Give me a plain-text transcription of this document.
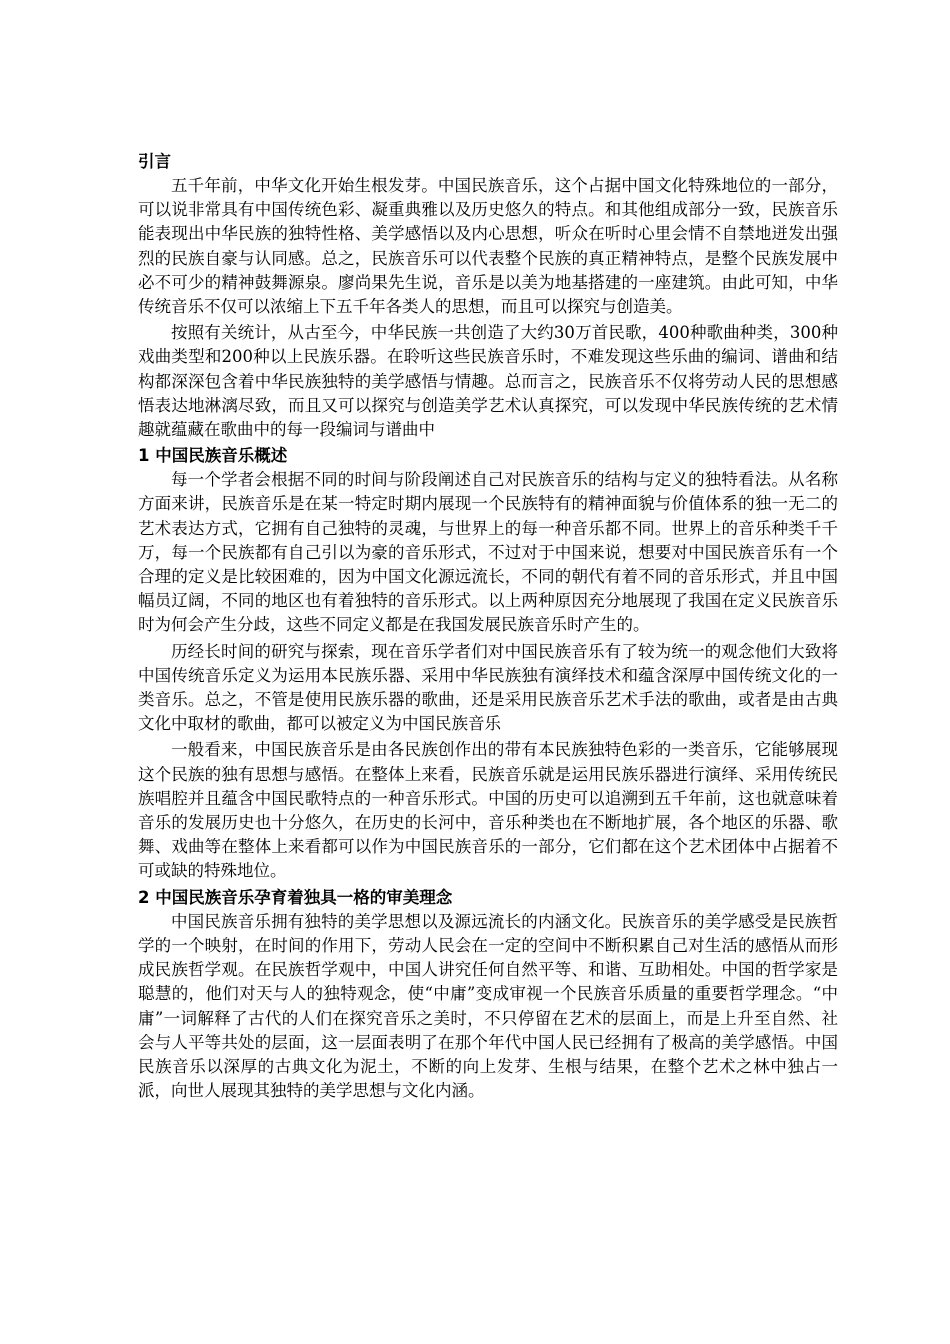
引言

五千年前，中华文化开始生根发芽。中国民族音乐，这个占据中国文化特殊地位的一部分，可以说非常具有中国传统色彩、凝重典雅以及历史悠久的特点。和其他组成部分一致，民族音乐能表现出中华民族的独特性格、美学感悟以及内心思想，听众在听时心里会情不自禁地迸发出强烈的民族自豪与认同感。总之，民族音乐可以代表整个民族的真正精神特点，是整个民族发展中必不可少的精神鼓舞源泉。廖尚果先生说，音乐是以美为地基搭建的一座建筑。由此可知，中华传统音乐不仅可以浓缩上下五千年各类人的思想，而且可以探究与创造美。

按照有关统计，从古至今，中华民族一共创造了大约30万首民歌，400种歌曲种类，300种戏曲类型和200种以上民族乐器。在聆听这些民族音乐时，不难发现这些乐曲的编词、谱曲和结构都深深包含着中华民族独特的美学感悟与情趣。总而言之，民族音乐不仅将劳动人民的思想感悟表达地淋漓尽致，而且又可以探究与创造美学艺术认真探究，可以发现中华民族传统的艺术情趣就蕴藏在歌曲中的每一段编词与谱曲中

1 中国民族音乐概述

每一个学者会根据不同的时间与阶段阐述自己对民族音乐的结构与定义的独特看法。从名称方面来讲，民族音乐是在某一特定时期内展现一个民族特有的精神面貌与价值体系的独一无二的艺术表达方式，它拥有自己独特的灵魂，与世界上的每一种音乐都不同。世界上的音乐种类千千万，每一个民族都有自己引以为豪的音乐形式，不过对于中国来说，想要对中国民族音乐有一个合理的定义是比较困难的，因为中国文化源远流长，不同的朝代有着不同的音乐形式，并且中国幅员辽阔，不同的地区也有着独特的音乐形式。以上两种原因充分地展现了我国在定义民族音乐时为何会产生分歧，这些不同定义都是在我国发展民族音乐时产生的。

历经长时间的研究与探索，现在音乐学者们对中国民族音乐有了较为统一的观念他们大致将中国传统音乐定义为运用本民族乐器、采用中华民族独有演绎技术和蕴含深厚中国传统文化的一类音乐。总之，不管是使用民族乐器的歌曲，还是采用民族音乐艺术手法的歌曲，或者是由古典文化中取材的歌曲，都可以被定义为中国民族音乐

一般看来，中国民族音乐是由各民族创作出的带有本民族独特色彩的一类音乐，它能够展现这个民族的独有思想与感悟。在整体上来看，民族音乐就是运用民族乐器进行演绎、采用传统民族唱腔并且蕴含中国民歌特点的一种音乐形式。中国的历史可以追溯到五千年前，这也就意味着音乐的发展历史也十分悠久，在历史的长河中，音乐种类也在不断地扩展，各个地区的乐器、歌舞、戏曲等在整体上来看都可以作为中国民族音乐的一部分，它们都在这个艺术团体中占据着不可或缺的特殊地位。

2 中国民族音乐孕育着独具一格的审美理念

中国民族音乐拥有独特的美学思想以及源远流长的内涵文化。民族音乐的美学感受是民族哲学的一个映射，在时间的作用下，劳动人民会在一定的空间中不断积累自己对生活的感悟从而形成民族哲学观。在民族哲学观中，中国人讲究任何自然平等、和谐、互助相处。中国的哲学家是聪慧的，他们对天与人的独特观念，使“中庸”变成审视一个民族音乐质量的重要哲学理念。“中庸”一词解释了古代的人们在探究音乐之美时，不只停留在艺术的层面上，而是上升至自然、社会与人平等共处的层面，这一层面表明了在那个年代中国人民已经拥有了极高的美学感悟。中国民族音乐以深厚的古典文化为泥土，不断的向上发芽、生根与结果，在整个艺术之林中独占一派，向世人展现其独特的美学思想与文化内涵。
